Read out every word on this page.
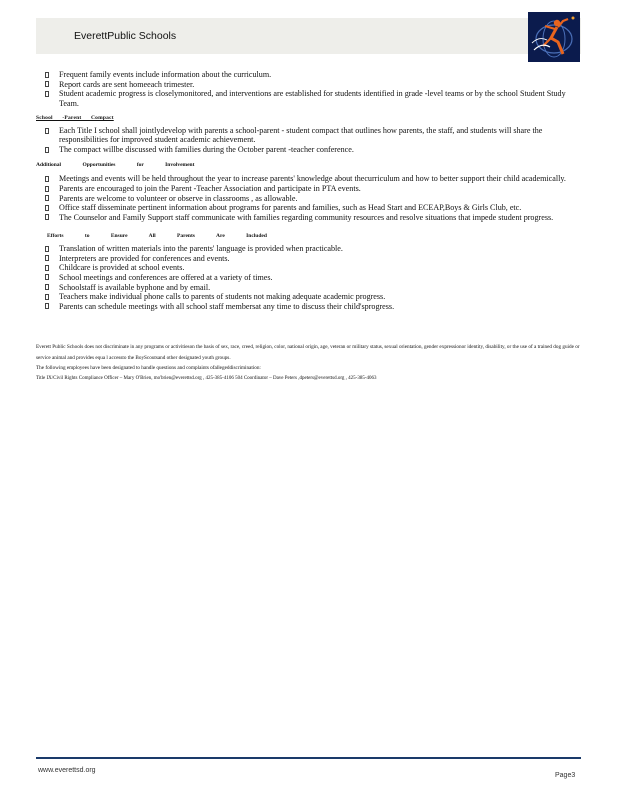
EverettPublic Schools
Frequent family events include information about the curriculum.
Report cards are sent homeeach trimester.
Student academic progress is closelymonitored, and interventions are established for students identified in grade -level teams or by the school Student Study Team.

School -Parent Compact

Each Title I school shall jointlydevelop with parents a school-parent - student compact that outlines how parents, the staff, and students will share the responsibilities for improved student academic achievement.
The compact willbe discussed with families during the October parent -teacher conference.

Additional Opportunities for Involvement

Meetings and events will be held throughout the year to increase parents' knowledge about thecurriculum and how to better support their child academically.
Parents are encouraged to join the Parent -Teacher Association and participate in PTA events.
Parents are welcome to volunteer or observe in classrooms , as allowable.
Office staff disseminate pertinent information about programs for parents and families, such as Head Start and ECEAP,Boys & Girls Club, etc.
The Counselor and Family Support staff communicate with families regarding community resources and resolve situations that impede student progress.

Efforts to Ensure All Parents Are Included

Translation of written materials into the parents' language is provided when practicable.
Interpreters are provided for conferences and events.
Childcare is provided at school events.
School meetings and conferences are offered at a variety of times.
Schoolstaff is available byphone and by email.
Teachers make individual phone calls to parents of students not making adequate academic progress.
Parents can schedule meetings with all school staff membersat any time to discuss their child'sprogress.
Everett Public Schools does not discriminate in any programs or activitieson the basis of sex, race, creed, religion, color, national origin, age, veteran or military status, sexual orientation, gender expressionor identity, disability, or the use of a trained dog guide or service animal and provides equa l accessto the BoyScoutsand other designated youth groups.
The following employees have been designated to handle questions and complaints ofallegeddiscrimination:
Title IX/Civil Rights Compliance Officer – Mary O'Brien, mo'brien@everettsd.org , 425-385-4106 504 Coordinator – Dave Peters ,dpeters@everettsd.org , 425-385-4063
www.everettsd.org
Page3
